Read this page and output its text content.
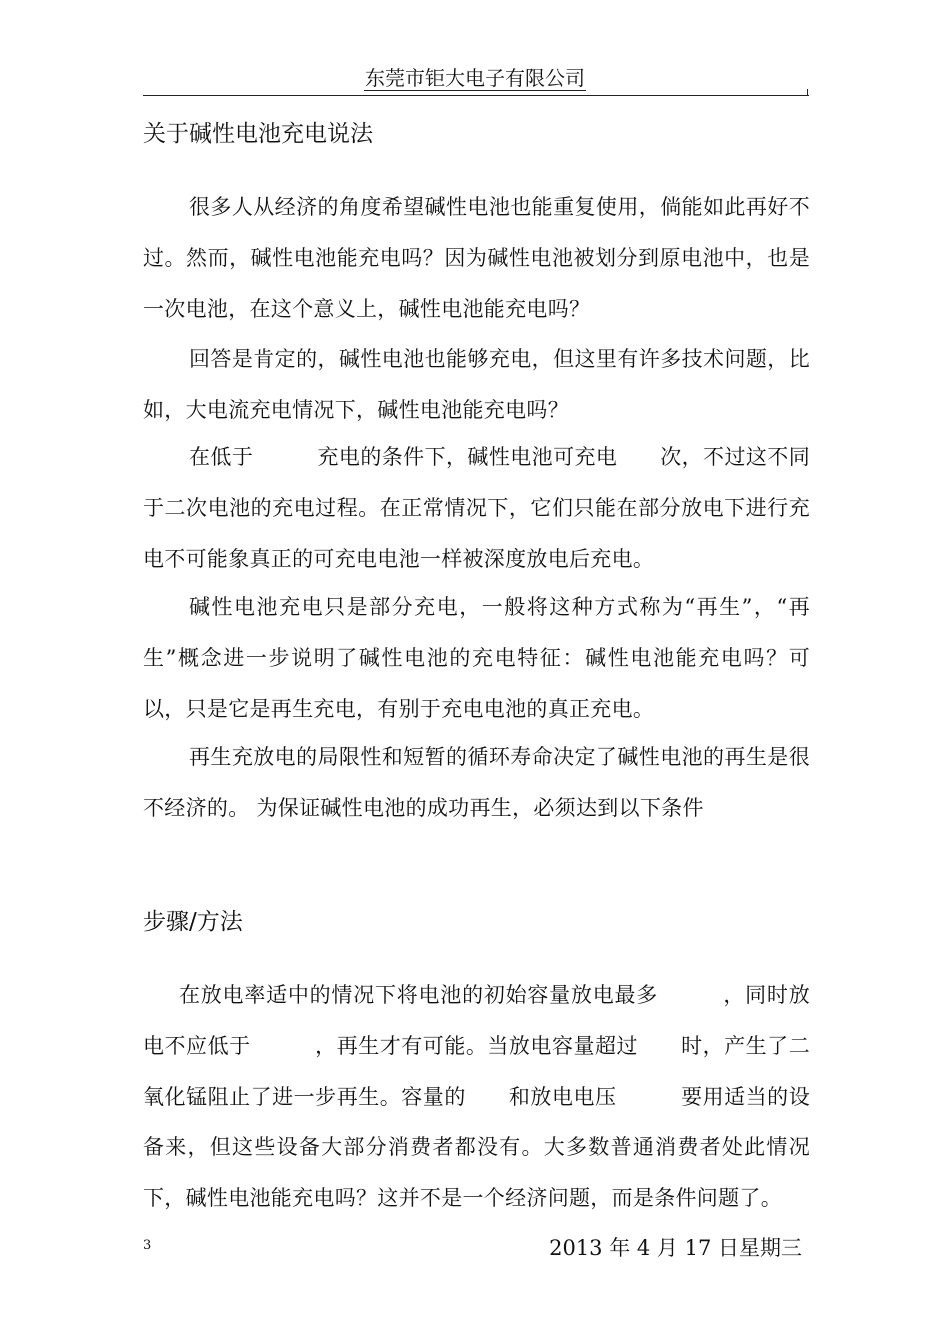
东莞市钜大电子有限公司
关于碱性电池充电说法

很多人从经济的角度希望碱性电池也能重复使用，倘能如此再好不过。然而，碱性电池能充电吗？因为碱性电池被划分到原电池中，也是一次电池，在这个意义上，碱性电池能充电吗？

回答是肯定的，碱性电池也能够充电，但这里有许多技术问题，比如，大电流充电情况下，碱性电池能充电吗？

在低于　　　充电的条件下，碱性电池可充电　　次，不过这不同于二次电池的充电过程。在正常情况下，它们只能在部分放电下进行充电不可能象真正的可充电电池一样被深度放电后充电。

碱性电池充电只是部分充电，一般将这种方式称为“再生”，“再生”概念进一步说明了碱性电池的充电特征：碱性电池能充电吗？可以，只是它是再生充电，有别于充电电池的真正充电。

再生充放电的局限性和短暂的循环寿命决定了碱性电池的再生是很不经济的。 为保证碱性电池的成功再生，必须达到以下条件

步骤/方法

在放电率适中的情况下将电池的初始容量放电最多　　　，同时放电不应低于　　　，再生才有可能。当放电容量超过　　时，产生了二氧化锰阻止了进一步再生。容量的　　和放电电压　　　要用适当的设备来，但这些设备大部分消费者都没有。大多数普通消费者处此情况下，碱性电池能充电吗？这并不是一个经济问题，而是条件问题了。

3	2013 年 4 月 17 日星期三
